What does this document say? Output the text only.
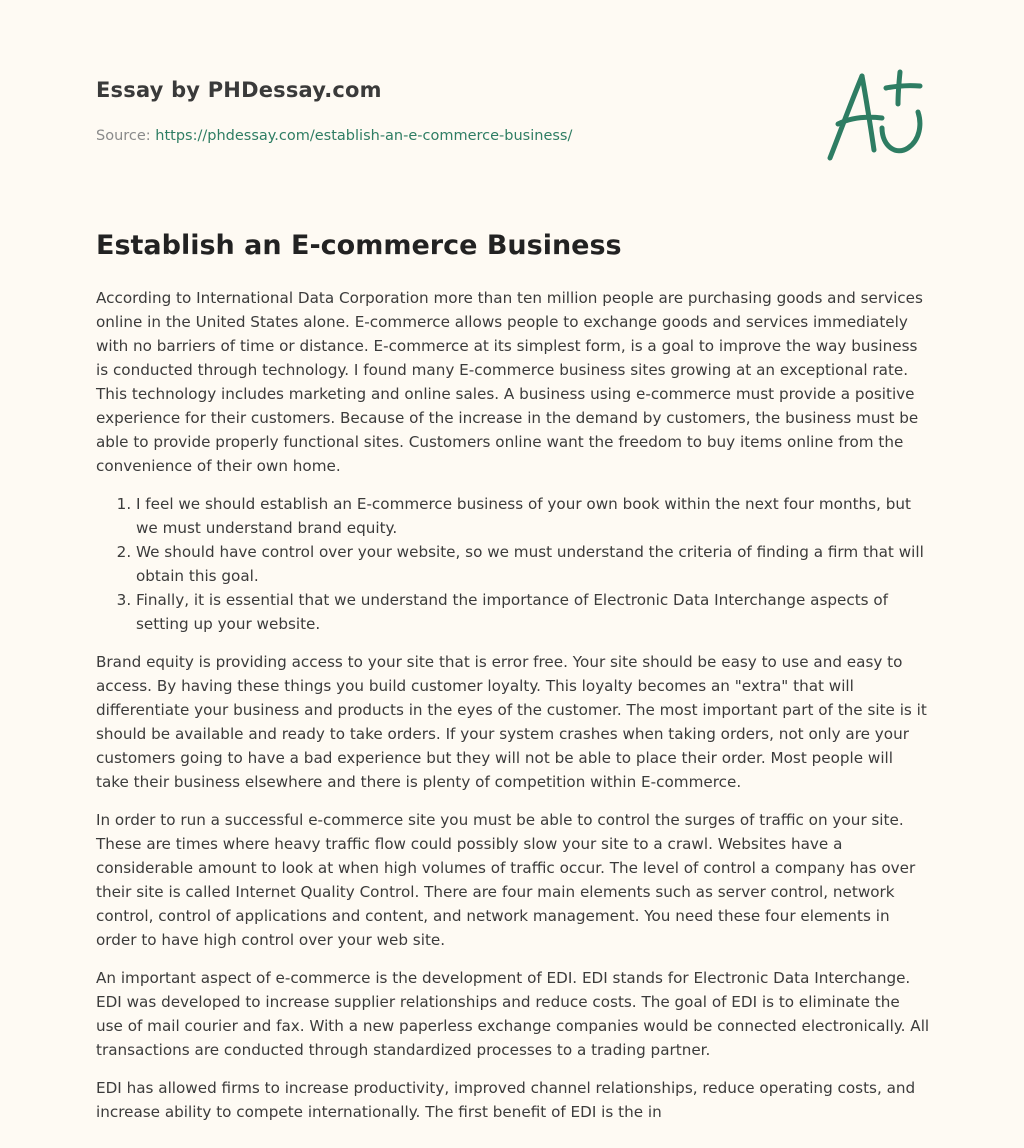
Essay by PHDessay.com
Source: https://phdessay.com/establish-an-e-commerce-business/
Establish an E-commerce Business

According to International Data Corporation more than ten million people are purchasing goods and services online in the United States alone. E-commerce allows people to exchange goods and services immediately with no barriers of time or distance. E-commerce at its simplest form, is a goal to improve the way business is conducted through technology. I found many E-commerce business sites growing at an exceptional rate. This technology includes marketing and online sales. A business using e-commerce must provide a positive experience for their customers. Because of the increase in the demand by customers, the business must be able to provide properly functional sites. Customers online want the freedom to buy items online from the convenience of their own home.

1. I feel we should establish an E-commerce business of your own book within the next four months, but we must understand brand equity.
2. We should have control over your website, so we must understand the criteria of finding a firm that will obtain this goal.
3. Finally, it is essential that we understand the importance of Electronic Data Interchange aspects of setting up your website.

Brand equity is providing access to your site that is error free. Your site should be easy to use and easy to access. By having these things you build customer loyalty. This loyalty becomes an "extra" that will differentiate your business and products in the eyes of the customer. The most important part of the site is it should be available and ready to take orders. If your system crashes when taking orders, not only are your customers going to have a bad experience but they will not be able to place their order. Most people will take their business elsewhere and there is plenty of competition within E-commerce.

In order to run a successful e-commerce site you must be able to control the surges of traffic on your site. These are times where heavy traffic flow could possibly slow your site to a crawl. Websites have a considerable amount to look at when high volumes of traffic occur. The level of control a company has over their site is called Internet Quality Control. There are four main elements such as server control, network control, control of applications and content, and network management. You need these four elements in order to have high control over your web site.

An important aspect of e-commerce is the development of EDI. EDI stands for Electronic Data Interchange. EDI was developed to increase supplier relationships and reduce costs. The goal of EDI is to eliminate the use of mail courier and fax. With a new paperless exchange companies would be connected electronically. All transactions are conducted through standardized processes to a trading partner.

EDI has allowed firms to increase productivity, improved channel relationships, reduce operating costs, and increase ability to compete internationally. The first benefit of EDI is the in
